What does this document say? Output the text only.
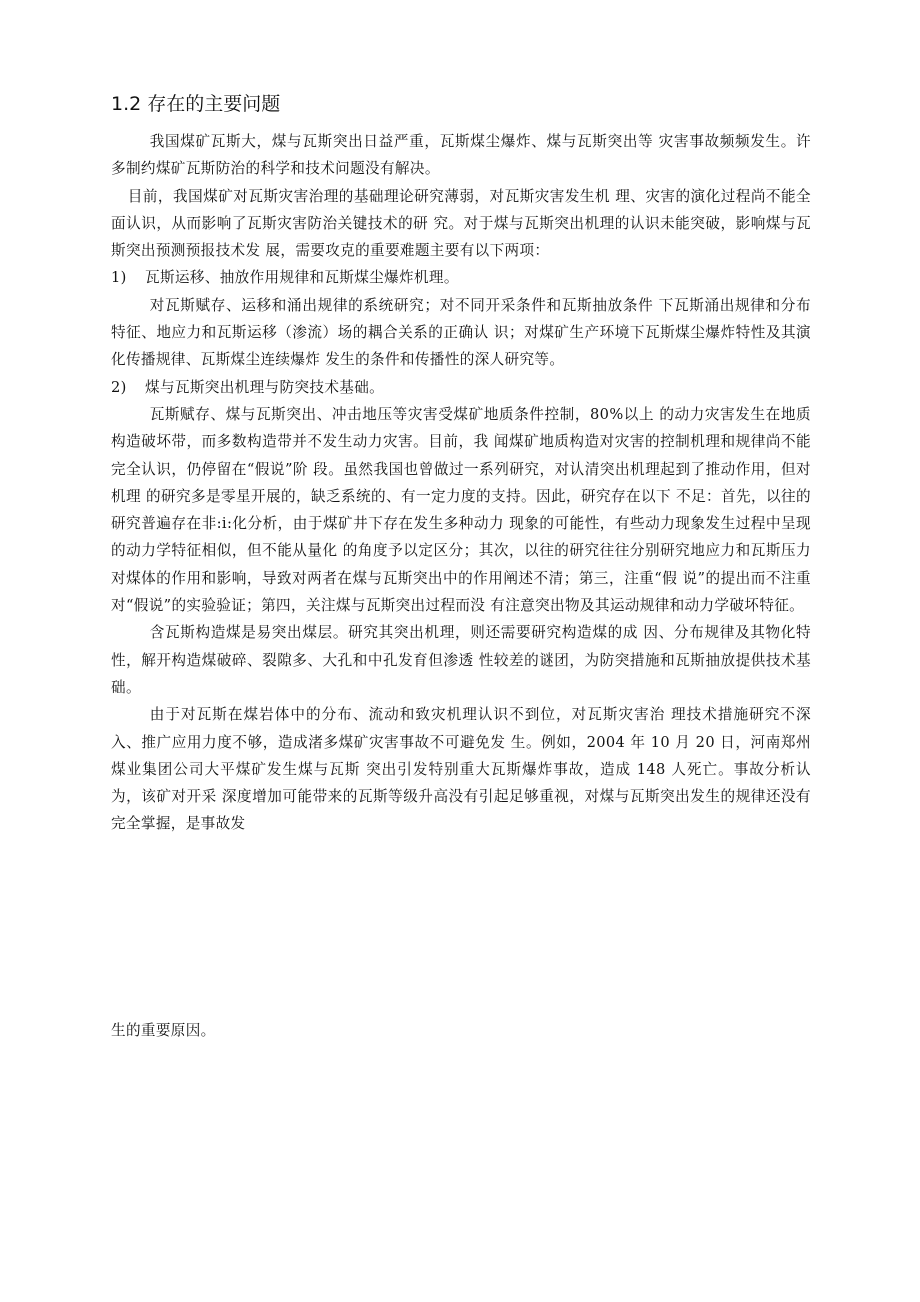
1.2 存在的主要问题

我国煤矿瓦斯大，煤与瓦斯突出日益严重，瓦斯煤尘爆炸、煤与瓦斯突出等 灾害事故频频发生。许多制约煤矿瓦斯防治的科学和技术问题没有解决。

目前，我国煤矿对瓦斯灾害治理的基础理论研究薄弱，对瓦斯灾害发生机 理、灾害的演化过程尚不能全面认识，从而影响了瓦斯灾害防治关键技术的研 究。对于煤与瓦斯突出机理的认识未能突破，影响煤与瓦斯突出预测预报技术发 展，需要攻克的重要难题主要有以下两项：

1)	瓦斯运移、抽放作用规律和瓦斯煤尘爆炸机理。

对瓦斯赋存、运移和涌出规律的系统研究；对不同开采条件和瓦斯抽放条件 下瓦斯涌出规律和分布特征、地应力和瓦斯运移（渗流）场的耦合关系的正确认 识；对煤矿生产环境下瓦斯煤尘爆炸特性及其演化传播规律、瓦斯煤尘连续爆炸 发生的条件和传播性的深人研究等。

2)	煤与瓦斯突出机理与防突技术基础。

瓦斯赋存、煤与瓦斯突出、冲击地压等灾害受煤矿地质条件控制，80%以上 的动力灾害发生在地质构造破坏带，而多数构造带并不发生动力灾害。目前，我 闻煤矿地质构造对灾害的控制机理和规律尚不能完全认识，仍停留在“假说”阶 段。虽然我国也曾做过一系列研究，对认清突出机理起到了推动作用，但对机理 的研究多是零星开展的，缺乏系统的、有一定力度的支持。因此，研究存在以下 不足：首先，以往的研究普遍存在非:i:化分析，由于煤矿井下存在发生多种动力 现象的可能性，有些动力现象发生过程中呈现的动力学特征相似，但不能从量化 的角度予以定区分；其次，以往的研究往往分别研究地应力和瓦斯压力对煤体的作用和影响，导致对两者在煤与瓦斯突出中的作用阐述不清；第三，注重“假 说”的提出而不注重对“假说”的实验验证；第四，关注煤与瓦斯突出过程而没 有注意突出物及其运动规律和动力学破坏特征。

含瓦斯构造煤是易突出煤层。研究其突出机理，则还需要研究构造煤的成 因、分布规律及其物化特性，解开构造煤破碎、裂隙多、大孔和中孔发育但渗透 性较差的谜团，为防突措施和瓦斯抽放提供技术基础。

由于对瓦斯在煤岩体中的分布、流动和致灾机理认识不到位，对瓦斯灾害治 理技术措施研究不深入、推广应用力度不够，造成渚多煤矿灾害事故不可避免发 生。例如，2004 年 10 月 20 日，河南郑州煤业集团公司大平煤矿发生煤与瓦斯 突出引发特别重大瓦斯爆炸事故，造成 148 人死亡。事故分析认为，该矿对开采 深度增加可能带来的瓦斯等级升高没有引起足够重视，对煤与瓦斯突出发生的规律还没有完全掌握，是事故发

生的重要原因。
